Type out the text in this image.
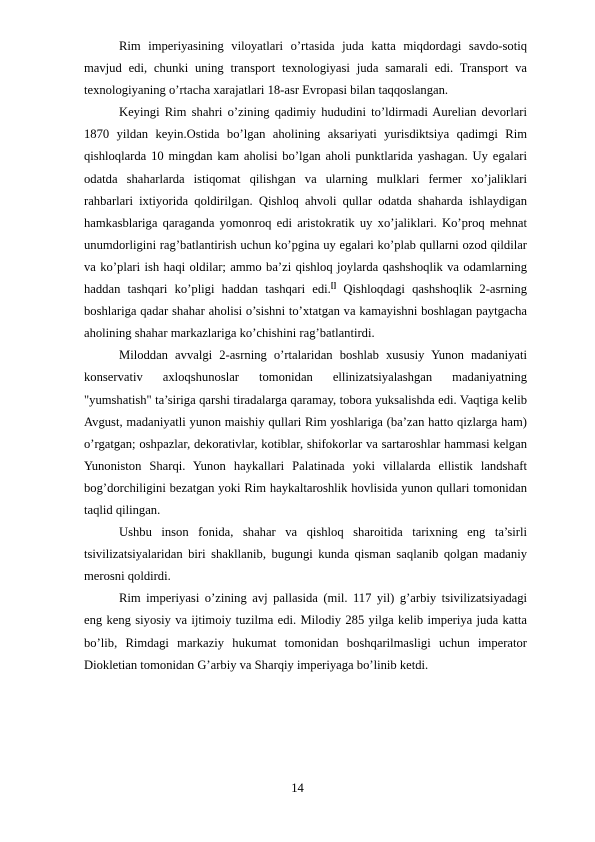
Rim imperiyasining viloyatlari o’rtasida juda katta miqdordagi savdo-sotiq mavjud edi, chunki uning transport texnologiyasi juda samarali edi. Transport va texnologiyaning o’rtacha xarajatlari 18-asr Evropasi bilan taqqoslangan.

Keyingi Rim shahri o’zining qadimiy hududini to’ldirmadi Aurelian devorlari 1870 yildan keyin.Ostida bo’lgan aholining aksariyati yurisdiktsiya qadimgi Rim qishloqlarda 10 mingdan kam aholisi bo’lgan aholi punktlarida yashagan. Uy egalari odatda shaharlarda istiqomat qilishgan va ularning mulklari fermer xo’jaliklari rahbarlari ixtiyorida qoldirilgan. Qishloq ahvoli qullar odatda shaharda ishlaydigan hamkasblariga qaraganda yomonroq edi aristokratik uy xo’jaliklari. Ko’proq mehnat unumdorligini rag’batlantirish uchun ko’pgina uy egalari ko’plab qullarni ozod qildilar va ko’plari ish haqi oldilar; ammo ba’zi qishloq joylarda qashshoqlik va odamlarning haddan tashqari ko’pligi haddan tashqari edi.[] Qishloqdagi qashshoqlik 2-asrning boshlariga qadar shahar aholisi o’sishni to’xtatgan va kamayishni boshlagan paytgacha aholining shahar markazlariga ko’chishini rag’batlantirdi.

Miloddan avvalgi 2-asrning o’rtalaridan boshlab xususiy Yunon madaniyati konservativ axloqshunoslar tomonidan ellinizatsiyalashgan madaniyatning "yumshatish" ta’siriga qarshi tiradalarga qaramay, tobora yuksalishda edi. Vaqtiga kelib Avgust, madaniyatli yunon maishiy qullari Rim yoshlariga (ba’zan hatto qizlarga ham) o’rgatgan; oshpazlar, dekorativlar, kotiblar, shifokorlar va sartaroshlar hammasi kelgan Yunoniston Sharqi. Yunon haykallari Palatinada yoki villalarda ellistik landshaft bog’dorchiligini bezatgan yoki Rim haykaltaroshlik hovlisida yunon qullari tomonidan taqlid qilingan.

Ushbu inson fonida, shahar va qishloq sharoitida tarixning eng ta’sirli tsivilizatsiyalaridan biri shakllanib, bugungi kunda qisman saqlanib qolgan madaniy merosni qoldirdi.

Rim imperiyasi o’zining avj pallasida (mil. 117 yil) g’arbiy tsivilizatsiyadagi eng keng siyosiy va ijtimoiy tuzilma edi. Milodiy 285 yilga kelib imperiya juda katta bo’lib, Rimdagi markaziy hukumat tomonidan boshqarilmasligi uchun imperator Diokletian tomonidan G’arbiy va Sharqiy imperiyaga bo’linib ketdi.

14
